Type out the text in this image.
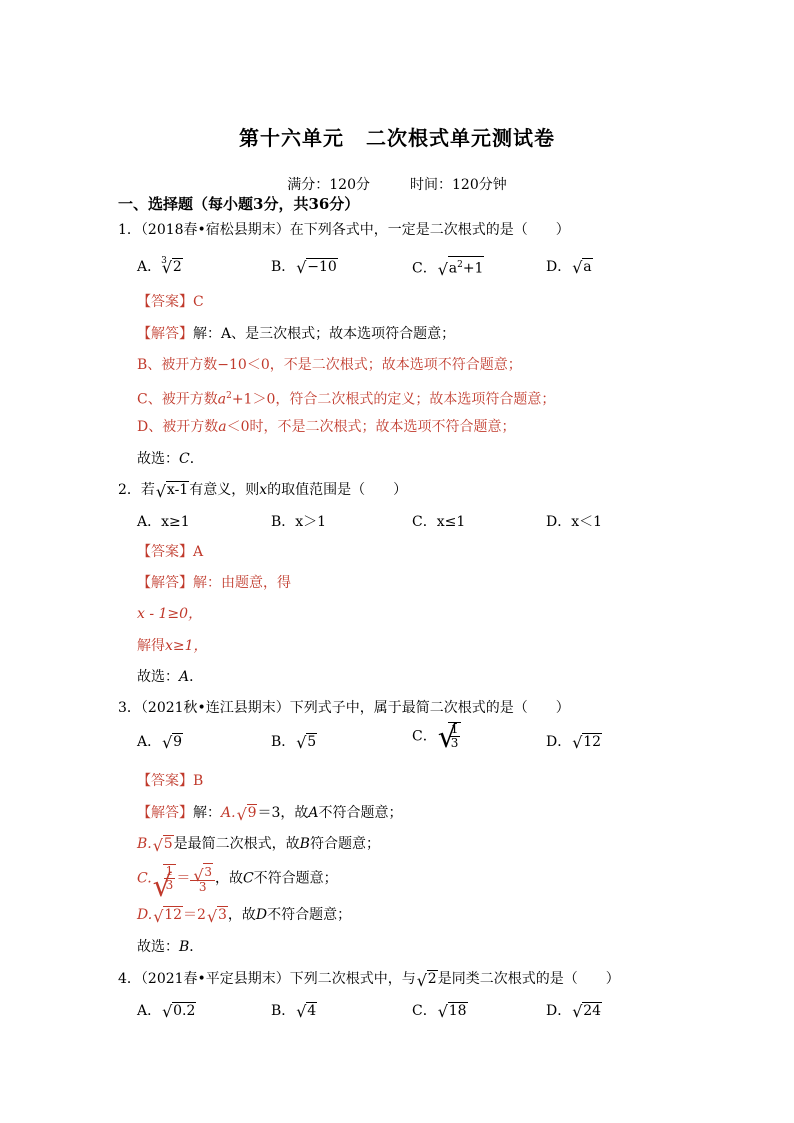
第十六单元 二次根式单元测试卷
满分：120分	时间：120分钟
一、选择题（每小题3分，共36分）
1．（2018春•宿松县期末）在下列各式中，一定是二次根式的是（　　）
A．$^3$ √ 2	B． √ −10	C． √ $a^2+1$	D． √ a
【答案】C
【解答】解：A、是三次根式；故本选项符合题意；
B、被开方数−10＜0，不是二次根式；故本选项不符合题意；
C、被开方数$a^2+1>0$，符合二次根式的定义；故本选项符合题意；
D、被开方数a＜0时，不是二次根式；故本选项不符合题意；
故选：C．
2．若 √ x-1有意义，则x的取值范围是（　　）
A．x≥1	B．x＞1	C．x≤1	D．x＜1
【答案】A
【解答】解：由题意，得
x - 1≥0，
解得x≥1，
故选：A．
3．（2021秋•连江县期末）下列式子中，属于最简二次根式的是（　　）
A． √ 9	B． √ 5	C． √ $\frac{1}{3}$	D． √ 12
【答案】B
【解答】解：A. √ 9＝3，故A不符合题意；
B. √ 5是最简二次根式，故B符合题意；
C. √ $\frac{1}{3}$ ＝ √ $\frac{3}{3}$ ，故C不符合题意；
D. √ 12＝2 √ 3，故D不符合题意；
故选：B．
4．（2021春•平定县期末）下列二次根式中，与 √ 2是同类二次根式的是（　　）
A． √ 0.2	B． √ 4	C． √ 18	D． √ 24
